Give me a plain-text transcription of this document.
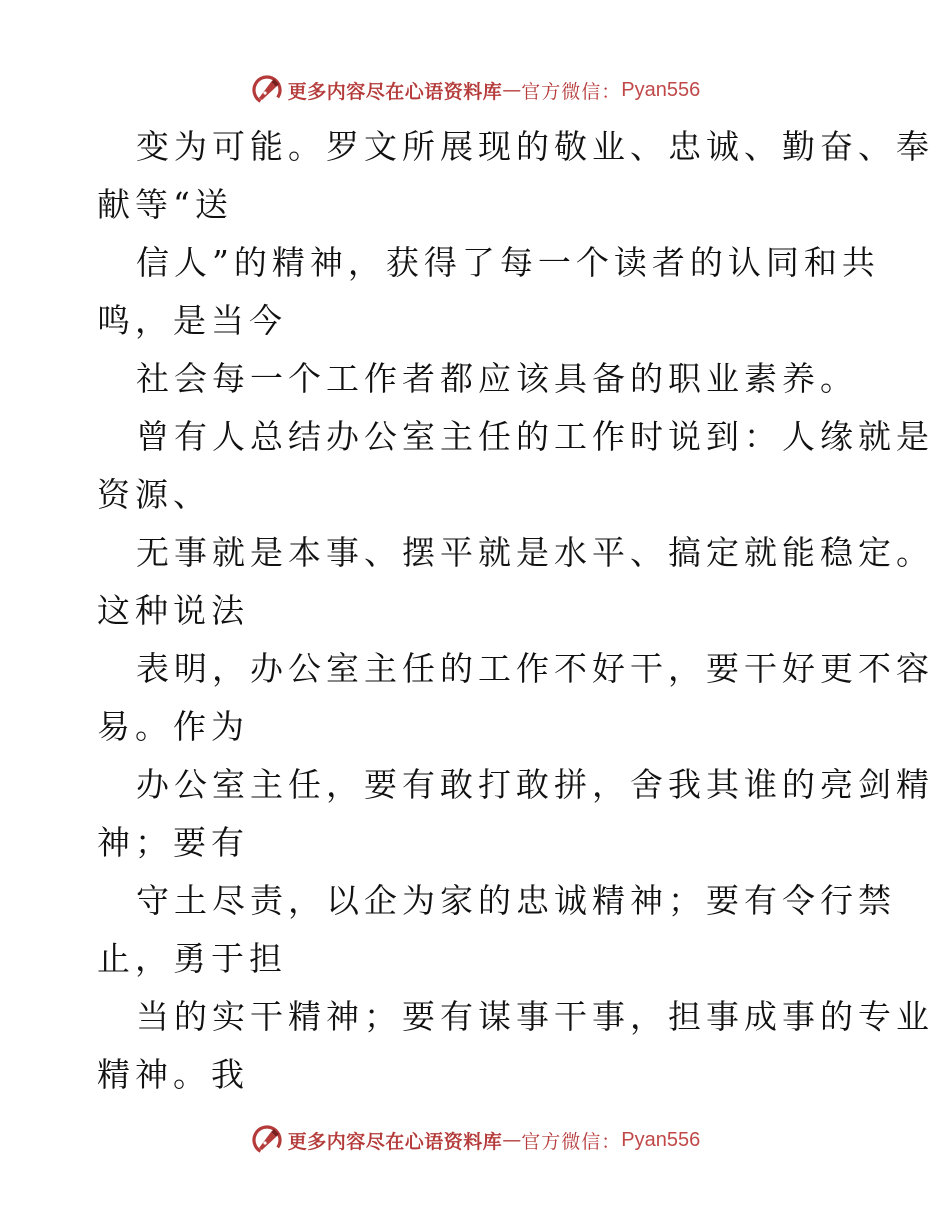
更多内容尽在心语资料库 — 官方微信： Pyan556
变为可能。罗文所展现的敬业、忠诚、勤奋、奉
献等“送
信人”的精神，获得了每一个读者的认同和共
鸣，是当今
社会每一个工作者都应该具备的职业素养。
曾有人总结办公室主任的工作时说到：人缘就是
资源、
无事就是本事、摆平就是水平、搞定就能稳定。
这种说法
表明，办公室主任的工作不好干，要干好更不容
易。作为
办公室主任，要有敢打敢拼，舍我其谁的亮剑精
神；要有
守土尽责，以企为家的忠诚精神；要有令行禁
止，勇于担
当的实干精神；要有谋事干事，担事成事的专业
精神。我
更多内容尽在心语资料库 — 官方微信： Pyan556
